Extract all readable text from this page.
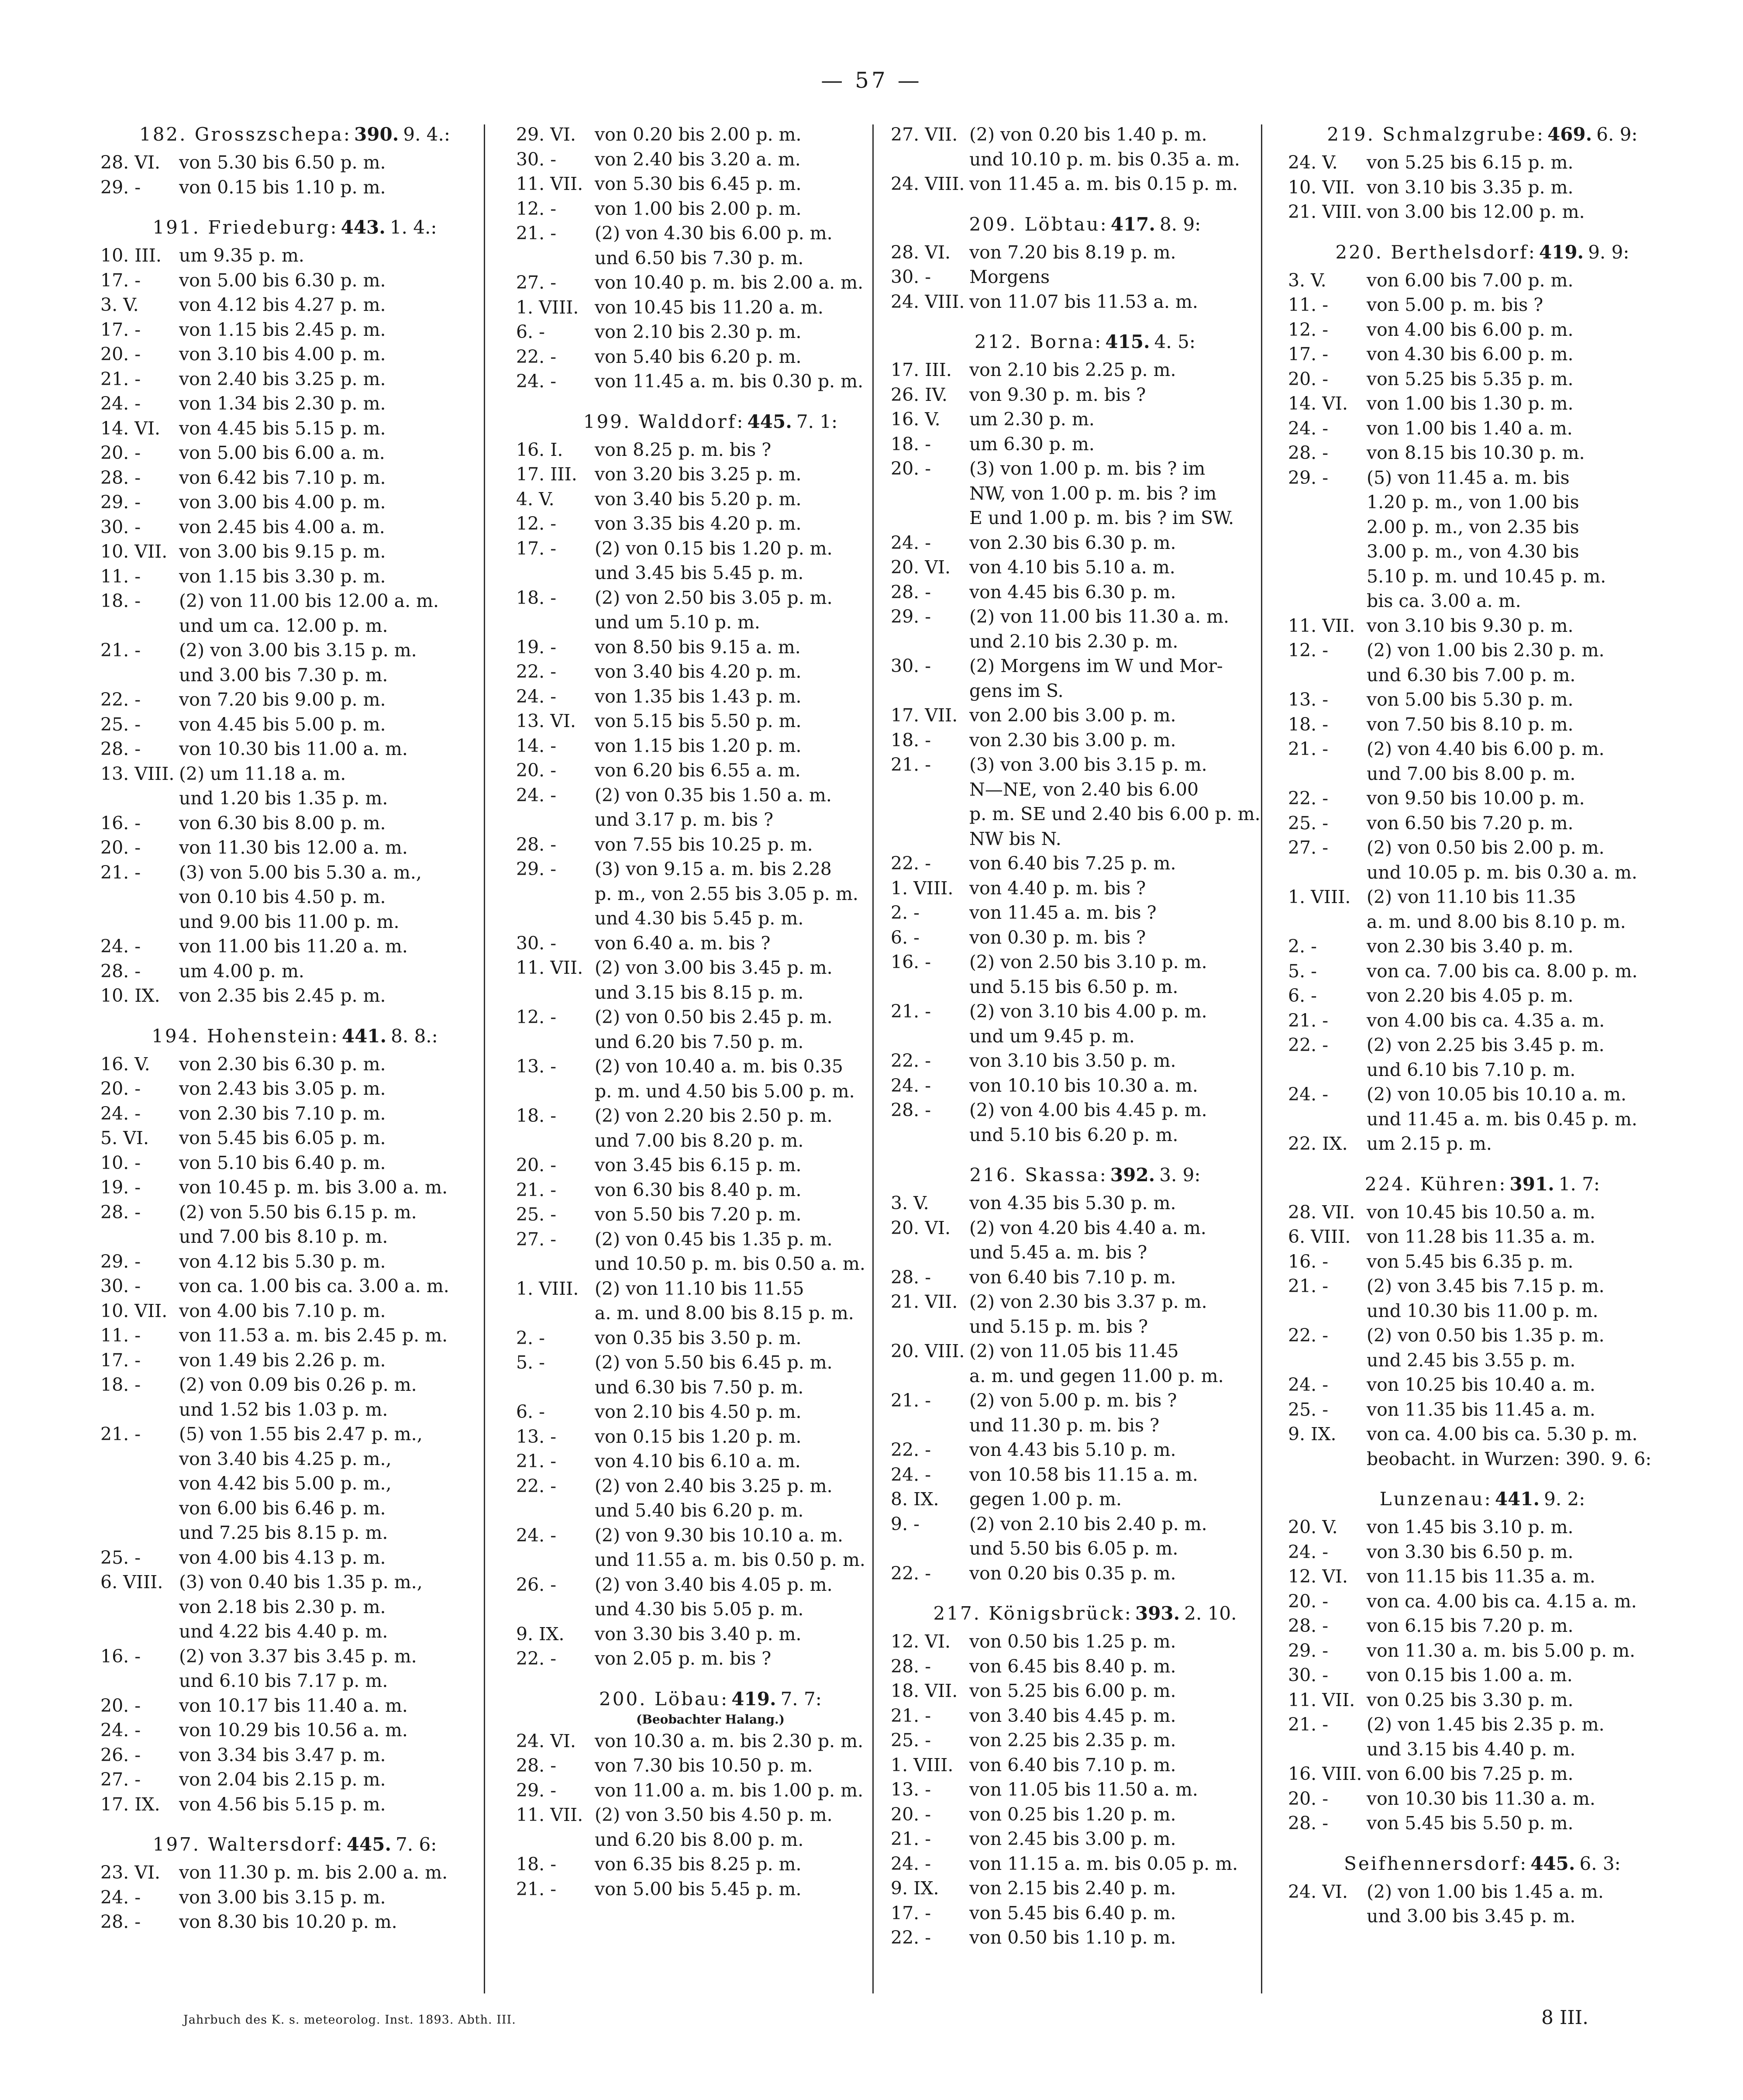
— 57 —
182. Grosszschepa: 390. 9. 4.:
28. VI.	von 5.30 bis 6.50 p. m.
29. -	von 0.15 bis 1.10 p. m.
191. Friedeburg: 443. 1. 4.:
10. III. um 9.35 p. m.
17. -	von 5.00 bis 6.30 p. m.
3. V.	von 4.12 bis 4.27 p. m.
17. -	von 1.15 bis 2.45 p. m.
20. -	von 3.10 bis 4.00 p. m.
21. -	von 2.40 bis 3.25 p. m.
24. -	von 1.34 bis 2.30 p. m.
14. VI.	von 4.45 bis 5.15 p. m.
20. -	von 5.00 bis 6.00 a. m.
28. -	von 6.42 bis 7.10 p. m.
29. -	von 3.00 bis 4.00 p. m.
30. -	von 2.45 bis 4.00 a. m.
10. VII. von 3.00 bis 9.15 p. m.
11. -	von 1.15 bis 3.30 p. m.
18. -	(2) von 11.00 bis 12.00 a. m.
und um ca. 12.00 p. m.
21. -	(2) von 3.00 bis 3.15 p. m.
und 3.00 bis 7.30 p. m.
22. -	von 7.20 bis 9.00 p. m.
25. -	von 4.45 bis 5.00 p. m.
28. -	von 10.30 bis 11.00 a. m.
13. VIII. (2) um 11.18 a. m.
und 1.20 bis 1.35 p. m.
16. -	von 6.30 bis 8.00 p. m.
20. -	von 11.30 bis 12.00 a. m.
21. -	(3) von 5.00 bis 5.30 a. m.,
von 0.10 bis 4.50 p. m.
und 9.00 bis 11.00 p. m.
24. -	von 11.00 bis 11.20 a. m.
28. -	um 4.00 p. m.
10. IX.	von 2.35 bis 2.45 p. m.
194. Hohenstein: 441. 8. 8.:
16. V.	von 2.30 bis 6.30 p. m.
20. -	von 2.43 bis 3.05 p. m.
24. -	von 2.30 bis 7.10 p. m.
5. VI.	von 5.45 bis 6.05 p. m.
10. -	von 5.10 bis 6.40 p. m.
19. -	von 10.45 p. m. bis 3.00 a. m.
28. -	(2) von 5.50 bis 6.15 p. m.
und 7.00 bis 8.10 p. m.
29. -	von 4.12 bis 5.30 p. m.
30. -	von ca. 1.00 bis ca. 3.00 a. m.
10. VII. von 4.00 bis 7.10 p. m.
11. -	von 11.53 a. m. bis 2.45 p. m.
17. -	von 1.49 bis 2.26 p. m.
18. -	(2) von 0.09 bis 0.26 p. m.
und 1.52 bis 1.03 p. m.
21. -	(5) von 1.55 bis 2.47 p. m.,
von 3.40 bis 4.25 p. m.,
von 4.42 bis 5.00 p. m.,
von 6.00 bis 6.46 p. m.
und 7.25 bis 8.15 p. m.
25. -	von 4.00 bis 4.13 p. m.
6. VIII. (3) von 0.40 bis 1.35 p. m.,
von 2.18 bis 2.30 p. m.
und 4.22 bis 4.40 p. m.
16. -	(2) von 3.37 bis 3.45 p. m.
und 6.10 bis 7.17 p. m.
20. -	von 10.17 bis 11.40 a. m.
24. -	von 10.29 bis 10.56 a. m.
26. -	von 3.34 bis 3.47 p. m.
27. -	von 2.04 bis 2.15 p. m.
17. IX.	von 4.56 bis 5.15 p. m.
197. Waltersdorf: 445. 7. 6:
23. VI.	von 11.30 p. m. bis 2.00 a. m.
24. -	von 3.00 bis 3.15 p. m.
28. -	von 8.30 bis 10.20 p. m.
29. VI.	von 0.20 bis 2.00 p. m.
30. -	von 2.40 bis 3.20 a. m.
11. VII. von 5.30 bis 6.45 p. m.
12. -	von 1.00 bis 2.00 p. m.
21. -	(2) von 4.30 bis 6.00 p. m.
und 6.50 bis 7.30 p. m.
27. -	von 10.40 p. m. bis 2.00 a. m.
1. VIII. von 10.45 bis 11.20 a. m.
6. -	von 2.10 bis 2.30 p. m.
22. -	von 5.40 bis 6.20 p. m.
24. -	von 11.45 a. m. bis 0.30 p. m.
199. Walddorf: 445. 7. 1:
16. I.	von 8.25 p. m. bis ?
17. III. von 3.20 bis 3.25 p. m.
4. V.	von 3.40 bis 5.20 p. m.
12. -	von 3.35 bis 4.20 p. m.
17. -	(2) von 0.15 bis 1.20 p. m.
und 3.45 bis 5.45 p. m.
18. -	(2) von 2.50 bis 3.05 p. m.
und um 5.10 p. m.
19. -	von 8.50 bis 9.15 a. m.
22. -	von 3.40 bis 4.20 p. m.
24. -	von 1.35 bis 1.43 p. m.
13. VI.	von 5.15 bis 5.50 p. m.
14. -	von 1.15 bis 1.20 p. m.
20. -	von 6.20 bis 6.55 a. m.
24. -	(2) von 0.35 bis 1.50 a. m.
und 3.17 p. m. bis ?
28. -	von 7.55 bis 10.25 p. m.
29. -	(3) von 9.15 a. m. bis 2.28
p. m., von 2.55 bis 3.05 p. m.
und 4.30 bis 5.45 p. m.
30. -	von 6.40 a. m. bis ?
11. VII. (2) von 3.00 bis 3.45 p. m.
und 3.15 bis 8.15 p. m.
12. -	(2) von 0.50 bis 2.45 p. m.
und 6.20 bis 7.50 p. m.
13. -	(2) von 10.40 a. m. bis 0.35
p. m. und 4.50 bis 5.00 p. m.
18. -	(2) von 2.20 bis 2.50 p. m.
und 7.00 bis 8.20 p. m.
20. -	von 3.45 bis 6.15 p. m.
21. -	von 6.30 bis 8.40 p. m.
25. -	von 5.50 bis 7.20 p. m.
27. -	(2) von 0.45 bis 1.35 p. m.
und 10.50 p. m. bis 0.50 a. m.
1. VIII. (2) von 11.10 bis 11.55
a. m. und 8.00 bis 8.15 p. m.
2. -	von 0.35 bis 3.50 p. m.
5. -	(2) von 5.50 bis 6.45 p. m.
und 6.30 bis 7.50 p. m.
6. -	von 2.10 bis 4.50 p. m.
13. -	von 0.15 bis 1.20 p. m.
21. -	von 4.10 bis 6.10 a. m.
22. -	(2) von 2.40 bis 3.25 p. m.
und 5.40 bis 6.20 p. m.
24. -	(2) von 9.30 bis 10.10 a. m.
und 11.55 a. m. bis 0.50 p. m.
26. -	(2) von 3.40 bis 4.05 p. m.
und 4.30 bis 5.05 p. m.
9. IX.	von 3.30 bis 3.40 p. m.
22. -	von 2.05 p. m. bis ?
200. Löbau: 419. 7. 7:
(Beobachter Halang.)
24. VI.	von 10.30 a. m. bis 2.30 p. m.
28. -	von 7.30 bis 10.50 p. m.
29. -	von 11.00 a. m. bis 1.00 p. m.
11. VII. (2) von 3.50 bis 4.50 p. m.
und 6.20 bis 8.00 p. m.
18. -	von 6.35 bis 8.25 p. m.
21. -	von 5.00 bis 5.45 p. m.
27. VII. (2) von 0.20 bis 1.40 p. m.
und 10.10 p. m. bis 0.35 a. m.
24. VIII. von 11.45 a. m. bis 0.15 p. m.
209. Löbtau: 417. 8. 9:
28. VI.	von 7.20 bis 8.19 p. m.
30. -	Morgens
24. VIII. von 11.07 bis 11.53 a. m.
212. Borna: 415. 4. 5:
17. III. von 2.10 bis 2.25 p. m.
26. IV.	von 9.30 p. m. bis ?
16. V.	um 2.30 p. m.
18. -	um 6.30 p. m.
20. -	(3) von 1.00 p. m. bis ? im
NW, von 1.00 p. m. bis ? im
E und 1.00 p. m. bis ? im SW.
24. -	von 2.30 bis 6.30 p. m.
20. VI.	von 4.10 bis 5.10 a. m.
28. -	von 4.45 bis 6.30 p. m.
29. -	(2) von 11.00 bis 11.30 a. m.
und 2.10 bis 2.30 p. m.
30. -	(2) Morgens im W und Mor-
gens im S.
17. VII. von 2.00 bis 3.00 p. m.
18. -	von 2.30 bis 3.00 p. m.
21. -	(3) von 3.00 bis 3.15 p. m.
N—NE, von 2.40 bis 6.00
p. m. SE und 2.40 bis 6.00 p. m.
NW bis N.
22. -	von 6.40 bis 7.25 p. m.
1. VIII. von 4.40 p. m. bis ?
2. -	von 11.45 a. m. bis ?
6. -	von 0.30 p. m. bis ?
16. -	(2) von 2.50 bis 3.10 p. m.
und 5.15 bis 6.50 p. m.
21. -	(2) von 3.10 bis 4.00 p. m.
und um 9.45 p. m.
22. -	von 3.10 bis 3.50 p. m.
24. -	von 10.10 bis 10.30 a. m.
28. -	(2) von 4.00 bis 4.45 p. m.
und 5.10 bis 6.20 p. m.
216. Skassa: 392. 3. 9:
3. V.	von 4.35 bis 5.30 p. m.
20. VI.	(2) von 4.20 bis 4.40 a. m.
und 5.45 a. m. bis ?
28. -	von 6.40 bis 7.10 p. m.
21. VII. (2) von 2.30 bis 3.37 p. m.
und 5.15 p. m. bis ?
20. VIII. (2) von 11.05 bis 11.45
a. m. und gegen 11.00 p. m.
21. -	(2) von 5.00 p. m. bis ?
und 11.30 p. m. bis ?
22. -	von 4.43 bis 5.10 p. m.
24. -	von 10.58 bis 11.15 a. m.
8. IX.	gegen 1.00 p. m.
9. -	(2) von 2.10 bis 2.40 p. m.
und 5.50 bis 6.05 p. m.
22. -	von 0.20 bis 0.35 p. m.
217. Königsbrück: 393. 2. 10.
12. VI.	von 0.50 bis 1.25 p. m.
28. -	von 6.45 bis 8.40 p. m.
18. VII. von 5.25 bis 6.00 p. m.
21. -	von 3.40 bis 4.45 p. m.
25. -	von 2.25 bis 2.35 p. m.
1. VIII. von 6.40 bis 7.10 p. m.
13. -	von 11.05 bis 11.50 a. m.
20. -	von 0.25 bis 1.20 p. m.
21. -	von 2.45 bis 3.00 p. m.
24. -	von 11.15 a. m. bis 0.05 p. m.
9. IX.	von 2.15 bis 2.40 p. m.
17. -	von 5.45 bis 6.40 p. m.
22. -	von 0.50 bis 1.10 p. m.
219. Schmalzgrube: 469. 6. 9:
24. V.	von 5.25 bis 6.15 p. m.
10. VII. von 3.10 bis 3.35 p. m.
21. VIII. von 3.00 bis 12.00 p. m.
220. Berthelsdorf: 419. 9. 9:
3. V.	von 6.00 bis 7.00 p. m.
11. -	von 5.00 p. m. bis ?
12. -	von 4.00 bis 6.00 p. m.
17. -	von 4.30 bis 6.00 p. m.
20. -	von 5.25 bis 5.35 p. m.
14. VI.	von 1.00 bis 1.30 p. m.
24. -	von 1.00 bis 1.40 a. m.
28. -	von 8.15 bis 10.30 p. m.
29. -	(5) von 11.45 a. m. bis
1.20 p. m., von 1.00 bis
2.00 p. m., von 2.35 bis
3.00 p. m., von 4.30 bis
5.10 p. m. und 10.45 p. m.
bis ca. 3.00 a. m.
11. VII. von 3.10 bis 9.30 p. m.
12. -	(2) von 1.00 bis 2.30 p. m.
und 6.30 bis 7.00 p. m.
13. -	von 5.00 bis 5.30 p. m.
18. -	von 7.50 bis 8.10 p. m.
21. -	(2) von 4.40 bis 6.00 p. m.
und 7.00 bis 8.00 p. m.
22. -	von 9.50 bis 10.00 p. m.
25. -	von 6.50 bis 7.20 p. m.
27. -	(2) von 0.50 bis 2.00 p. m.
und 10.05 p. m. bis 0.30 a. m.
1. VIII. (2) von 11.10 bis 11.35
a. m. und 8.00 bis 8.10 p. m.
2. -	von 2.30 bis 3.40 p. m.
5. -	von ca. 7.00 bis ca. 8.00 p. m.
6. -	von 2.20 bis 4.05 p. m.
21. -	von 4.00 bis ca. 4.35 a. m.
22. -	(2) von 2.25 bis 3.45 p. m.
und 6.10 bis 7.10 p. m.
24. -	(2) von 10.05 bis 10.10 a. m.
und 11.45 a. m. bis 0.45 p. m.
22. IX.	um 2.15 p. m.
224. Kühren: 391. 1. 7:
28. VII. von 10.45 bis 10.50 a. m.
6. VIII. von 11.28 bis 11.35 a. m.
16. -	von 5.45 bis 6.35 p. m.
21. -	(2) von 3.45 bis 7.15 p. m.
und 10.30 bis 11.00 p. m.
22. -	(2) von 0.50 bis 1.35 p. m.
und 2.45 bis 3.55 p. m.
24. -	von 10.25 bis 10.40 a. m.
25. -	von 11.35 bis 11.45 a. m.
9. IX.	von ca. 4.00 bis ca. 5.30 p. m.
beobacht. in Wurzen: 390. 9. 6:
Lunzenau: 441. 9. 2:
20. V.	von 1.45 bis 3.10 p. m.
24. -	von 3.30 bis 6.50 p. m.
12. VI.	von 11.15 bis 11.35 a. m.
20. -	von ca. 4.00 bis ca. 4.15 a. m.
28. -	von 6.15 bis 7.20 p. m.
29. -	von 11.30 a. m. bis 5.00 p. m.
30. -	von 0.15 bis 1.00 a. m.
11. VII. von 0.25 bis 3.30 p. m.
21. -	(2) von 1.45 bis 2.35 p. m.
und 3.15 bis 4.40 p. m.
16. VIII. von 6.00 bis 7.25 p. m.
20. -	von 10.30 bis 11.30 a. m.
28. -	von 5.45 bis 5.50 p. m.
Seifhennersdorf: 445. 6. 3:
24. VI.	(2) von 1.00 bis 1.45 a. m.
und 3.00 bis 3.45 p. m.
Jahrbuch des K. s. meteorolog. Inst. 1893. Abth. III.	8 III.
